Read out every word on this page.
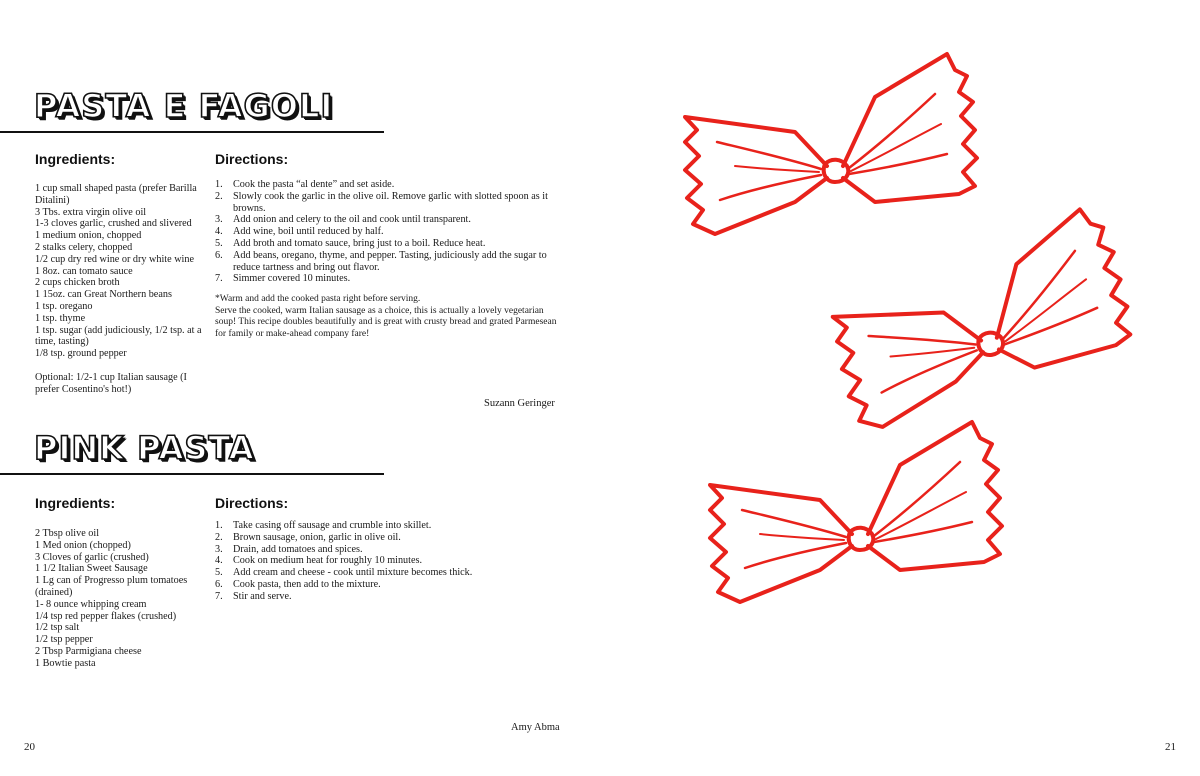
PASTA E FAGOLI
Ingredients:	Directions:
1 cup small shaped pasta (prefer Barilla Ditalini)
3 Tbs. extra virgin olive oil
1-3 cloves garlic, crushed and slivered
1 medium onion, chopped
2 stalks celery, chopped
1/2 cup dry red wine or dry white wine
1 8oz. can tomato sauce
2 cups chicken broth
1 15oz. can Great Northern beans
1 tsp. oregano
1 tsp. thyme
1 tsp. sugar (add judiciously, 1/2 tsp. at a time, tasting)
1/8 tsp. ground pepper
Optional: 1/2-1 cup Italian sausage (I prefer Cosentino's hot!)
1. Cook the pasta “al dente” and set aside.
2. Slowly cook the garlic in the olive oil. Remove garlic with slotted spoon as it browns.
3. Add onion and celery to the oil and cook until transparent.
4. Add wine, boil until reduced by half.
5. Add broth and tomato sauce, bring just to a boil. Reduce heat.
6. Add beans, oregano, thyme, and pepper. Tasting, judiciously add the sugar to reduce tartness and bring out flavor.
7. Simmer covered 10 minutes.
*Warm and add the cooked pasta right before serving.
Serve the cooked, warm Italian sausage as a choice, this is actually a lovely vegetarian soup! This recipe doubles beautifully and is great with crusty bread and grated Parmesean for family or make-ahead company fare!

Suzann Geringer

PINK PASTA
Ingredients:	Directions:
2 Tbsp olive oil
1 Med onion (chopped)
3 Cloves of garlic (crushed)
1 1/2 Italian Sweet Sausage
1 Lg can of Progresso plum tomatoes (drained)
1- 8 ounce whipping cream
1/4 tsp red pepper flakes (crushed)
1/2 tsp salt
1/2 tsp pepper
2 Tbsp Parmigiana cheese
1 Bowtie pasta
1. Take casing off sausage and crumble into skillet.
2. Brown sausage, onion, garlic in olive oil.
3. Drain, add tomatoes and spices.
4. Cook on medium heat for roughly 10 minutes.
5. Add cream and cheese - cook until mixture becomes thick.
6. Cook pasta, then add to the mixture.
7. Stir and serve.

Amy Abma

20	21
